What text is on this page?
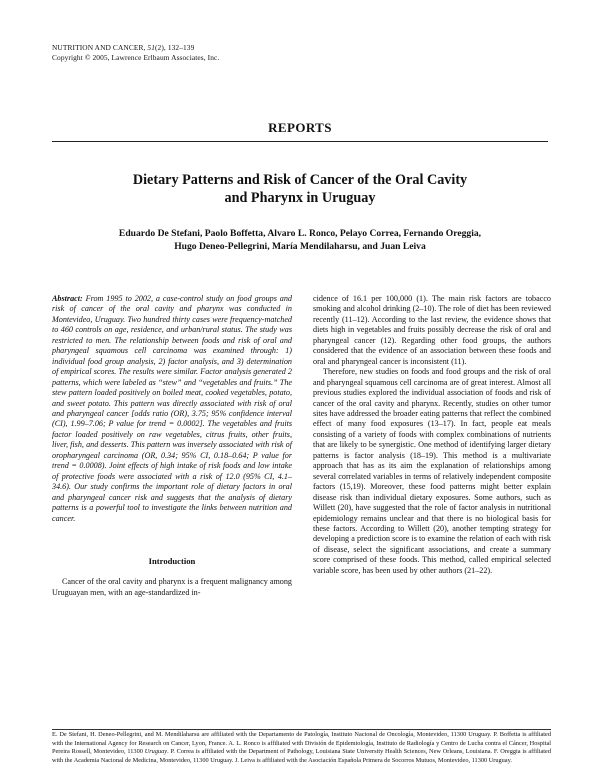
NUTRITION AND CANCER, 51(2), 132–139
Copyright © 2005, Lawrence Erlbaum Associates, Inc.
REPORTS
Dietary Patterns and Risk of Cancer of the Oral Cavity
and Pharynx in Uruguay
Eduardo De Stefani, Paolo Boffetta, Alvaro L. Ronco, Pelayo Correa, Fernando Oreggia,
Hugo Deneo-Pellegrini, María Mendilaharsu, and Juan Leiva

Abstract: From 1995 to 2002, a case-control study on food groups and risk of cancer of the oral cavity and pharynx was conducted in Montevideo, Uruguay. Two hundred thirty cases were frequency-matched to 460 controls on age, residence, and urban/rural status. The study was restricted to men. The relationship between foods and risk of oral and pharyngeal squamous cell carcinoma was examined through: 1) individual food group analysis, 2) factor analysis, and 3) determination of empirical scores. The results were similar. Factor analysis generated 2 patterns, which were labeled as “stew” and “vegetables and fruits.” The stew pattern loaded positively on boiled meat, cooked vegetables, potato, and sweet potato. This pattern was directly associated with risk of oral and pharyngeal cancer [odds ratio (OR), 3.75; 95% confidence interval (CI), 1.99–7.06; P value for trend = 0.0002]. The vegetables and fruits factor loaded positively on raw vegetables, citrus fruits, other fruits, liver, fish, and desserts. This pattern was inversely associated with risk of oropharyngeal carcinoma (OR, 0.34; 95% CI, 0.18–0.64; P value for trend = 0.0008). Joint effects of high intake of risk foods and low intake of protective foods were associated with a risk of 12.0 (95% CI, 4.1–34.6). Our study confirms the important role of dietary factors in oral and pharyngeal cancer risk and suggests that the analysis of dietary patterns is a powerful tool to investigate the links between nutrition and cancer.

Introduction

Cancer of the oral cavity and pharynx is a frequent malignancy among Uruguayan men, with an age-standardized in-

cidence of 16.1 per 100,000 (1). The main risk factors are tobacco smoking and alcohol drinking (2–10). The role of diet has been reviewed recently (11–12). According to the last review, the evidence shows that diets high in vegetables and fruits possibly decrease the risk of oral and pharyngeal cancer (12). Regarding other food groups, the authors considered that the evidence of an association between these foods and oral and pharyngeal cancer is inconsistent (11).

Therefore, new studies on foods and food groups and the risk of oral and pharyngeal squamous cell carcinoma are of great interest. Almost all previous studies explored the individual association of foods and risk of cancer of the oral cavity and pharynx. Recently, studies on other tumor sites have addressed the broader eating patterns that reflect the combined effect of many food exposures (13–17). In fact, people eat meals consisting of a variety of foods with complex combinations of nutrients that are likely to be synergistic. One method of identifying larger dietary patterns is factor analysis (18–19). This method is a multivariate approach that has as its aim the explanation of relationships among several correlated variables in terms of relatively independent composite factors (15,19). Moreover, these food patterns might better explain disease risk than individual dietary exposures. Some authors, such as Willett (20), have suggested that the role of factor analysis in nutritional epidemiology remains unclear and that there is no biological basis for these factors. According to Willett (20), another tempting strategy for developing a prediction score is to examine the relation of each with risk of disease, select the significant associations, and create a summary score comprised of these foods. This method, called empirical selected variable score, has been used by other authors (21–22).

E. De Stefani, H. Deneo-Pellegrini, and M. Mendilaharsu are affiliated with the Departamento de Patología, Instituto Nacional de Oncología, Montevideo, 11300 Uruguay. P. Boffetta is affiliated with the International Agency for Research on Cancer, Lyon, France. A. L. Ronco is affiliated with División de Epidemiología, Instituto de Radiología y Centro de Lucha contra el Cáncer, Hospital Pereira Rossell, Montevideo, 11300 Uruguay. P. Correa is affiliated with the Department of Pathology, Louisiana State University Health Sciences, New Orleans, Louisiana. F. Oreggia is affiliated with the Academia Nacional de Medicina, Montevideo, 11300 Uruguay. J. Leiva is affiliated with the Asociación Española Primera de Socorros Mutuos, Montevideo, 11300 Uruguay.
